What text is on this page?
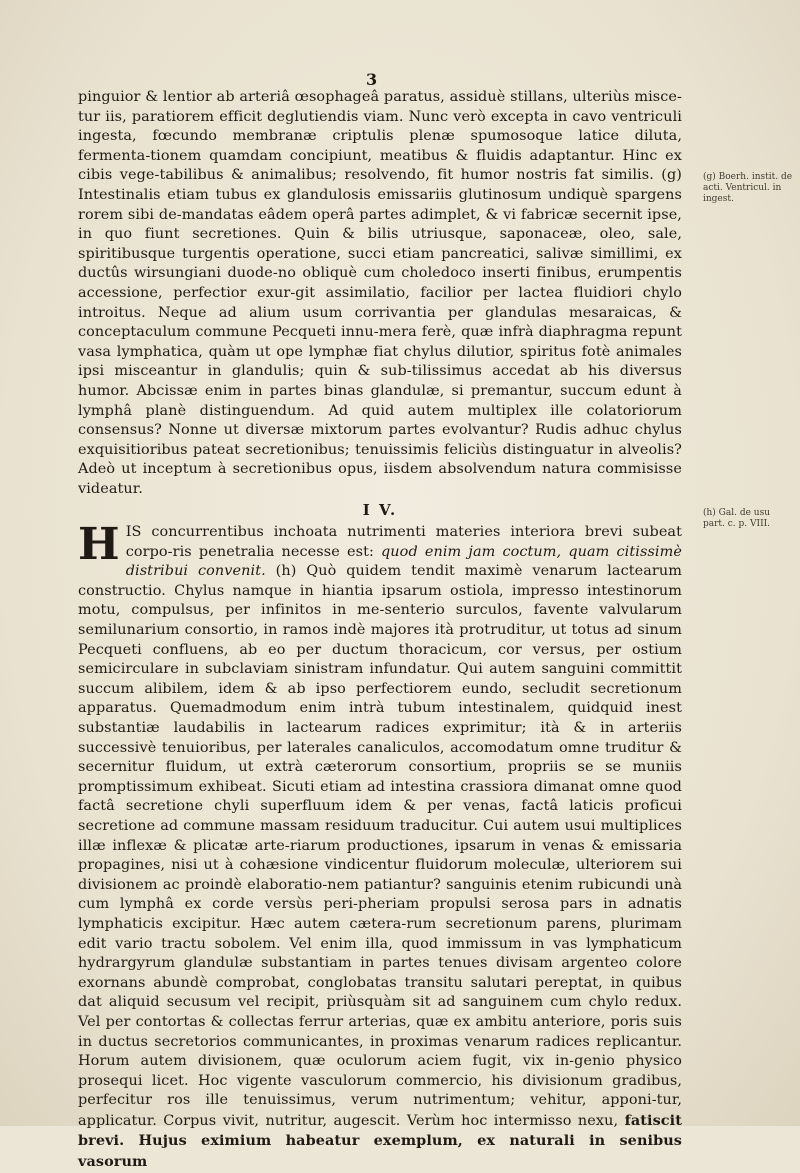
3

pinguior & lentior ab arteriâ œsophageâ paratus, assiduè stillans, ulteriùs misce-tur iis, paratiorem efficit deglutiendis viam. Nunc verò excepta in cavo ventriculi ingesta, fœcundo membranæ criptulis plenæ spumosoque latice diluta, fermenta-tionem quamdam concipiunt, meatibus & fluidis adaptantur. Hinc ex cibis vege-tabilibus & animalibus; resolvendo, fit humor nostris fat similis. (g) Intestinalis etiam tubus ex glandulosis emissariis glutinosum undiquè spargens rorem sibi de-mandatas eâdem operâ partes adimplet, & vi fabricæ secernit ipse, in quo fiunt secretiones. Quin & bilis utriusque, saponaceæ, oleo, sale, spiritibusque turgentis operatione, succi etiam pancreatici, salivæ simillimi, ex ductûs wirsungiani duode-no obliquè cum choledoco inserti finibus, erumpentis accessione, perfectior exur-git assimilatio, facilior per lactea fluidiori chylo introitus. Neque ad alium usum corrivantia per glandulas mesaraicas, & conceptaculum commune Pecqueti innu-mera ferè, quæ infrà diaphragma repunt vasa lymphatica, quàm ut ope lymphæ fiat chylus dilutior, spiritus fotè animales ipsi misceantur in glandulis; quin & sub-tilissimus accedat ab his diversus humor. Abcissæ enim in partes binas glandulæ, si premantur, succum edunt à lymphâ planè distinguendum. Ad quid autem multiplex ille colatoriorum consensus? Nonne ut diversæ mixtorum partes evolvantur? Rudis adhuc chylus exquisitioribus pateat secretionibus; tenuissimis feliciùs distinguatur in alveolis? Adeò ut inceptum à secretionibus opus, iisdem absolvendum natura commisisse videatur.

I V.

HIS concurrentibus inchoata nutrimenti materies interiora brevi subeat corpo-ris penetralia necesse est: quod enim jam coctum, quam citissimè distribui convenit. (h) Quò quidem tendit maximè venarum lactearum constructio. Chylus namque in hiantia ipsarum ostiola, impresso intestinorum motu, compulsus, per infinitos in me-senterio surculos, favente valvularum semilunarium consortio, in ramos indè majores ità protruditur, ut totus ad sinum Pecqueti confluens, ab eo per ductum thoracicum, cor versus, per ostium semicirculare in subclaviam sinistram infundatur. Qui autem sanguini committit succum alibilem, idem & ab ipso perfectiorem eundo, secludit secretionum apparatus. Quemadmodum enim intrà tubum intestinalem, quidquid inest substantiæ laudabilis in lactearum radices exprimitur; ità & in arteriis successivè tenuioribus, per laterales canaliculos, accomodatum omne truditur & secernitur fluidum, ut extrà cæterorum consortium, propriis se se muniis promptissimum exhibeat. Sicuti etiam ad intestina crassiora dimanat omne quod factâ secretione chyli superfluum idem & per venas, factâ laticis proficui secretione ad commune massam residuum traducitur. Cui autem usui multiplices illæ inflexæ & plicatæ arte-riarum productiones, ipsarum in venas & emissaria propagines, nisi ut à cohæsione vindicentur fluidorum moleculæ, ulteriorem sui divisionem ac proindè elaboratio-nem patiantur? sanguinis etenim rubicundi unà cum lymphâ ex corde versùs peri-pheriam propulsi serosa pars in adnatis lymphaticis excipitur. Hæc autem cætera-rum secretionum parens, plurimam edit vario tractu sobolem. Vel enim illa, quod immissum in vas lymphaticum hydrargyrum glandulæ substantiam in partes tenues divisam argenteo colore exornans abundè comprobat, conglobatas transitu salutari pereptat, in quibus dat aliquid secusum vel recipit, priùsquàm sit ad sanguinem cum chylo redux. Vel per contortas & collectas ferrur arterias, quæ ex ambitu anteriore, poris suis in ductus secretorios communicantes, in proximas venarum radices replicantur. Horum autem divisionem, quæ oculorum aciem fugit, vix in-genio physico prosequi licet. Hoc vigente vasculorum commercio, his divisionum gradibus, perfecitur ros ille tenuissimus, verum nutrimentum; vehitur, apponi-tur, applicatur. Corpus vivit, nutritur, augescit. Verùm hoc intermisso nexu, fatiscit brevi. Hujus eximium habeatur exemplum, ex naturali in senibus vasorum

(g) Boerh. instit. de acti. Ventricul. in ingest.
(h) Gal. de usu part. c. p. VIII.
